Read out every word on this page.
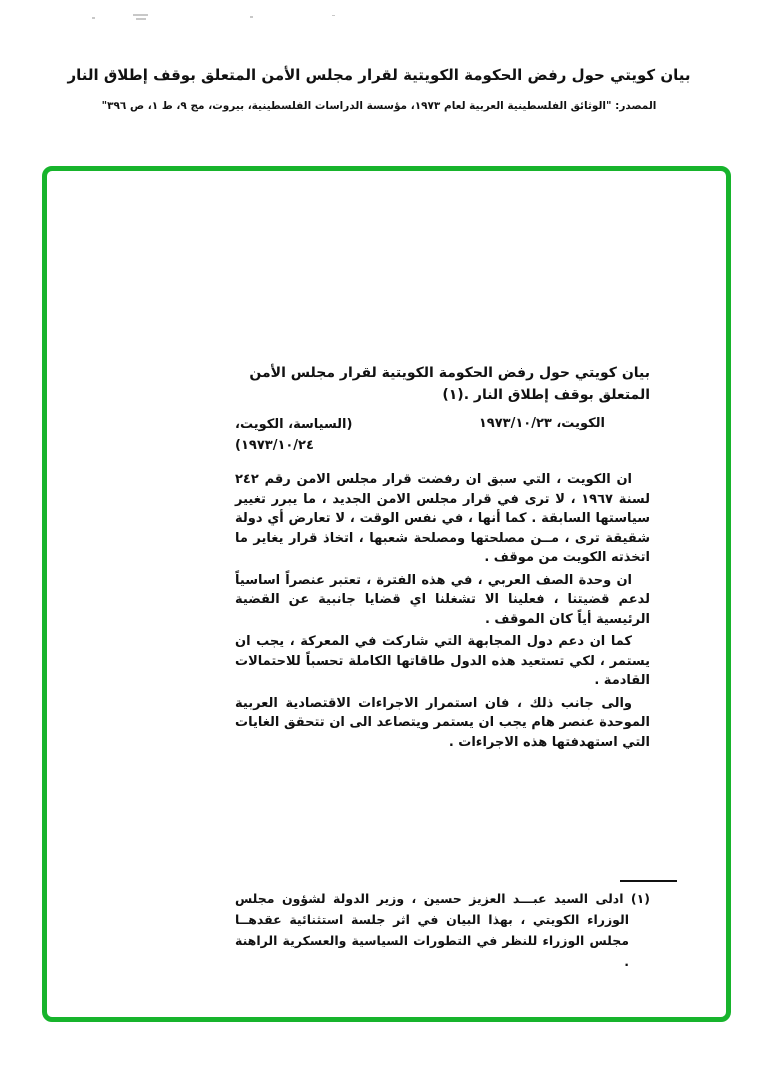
بيان كويتي حول رفض الحكومة الكويتية لقرار مجلس الأمن المتعلق بوقف إطلاق النار
المصدر: "الوثائق الفلسطينية العربية لعام ١٩٧٣، مؤسسة الدراسات الفلسطينية، بيروت، مج ٩، ط ١، ص ٣٩٦"
بيان كويتي حول رفض الحكومة الكويتية لقرار مجلس الأمن
المتعلق بوقف إطلاق النار .(١)
الكويت، ١٩٧٣/١٠/٢٣
(السياسة، الكويت،
١٩٧٣/١٠/٢٤)

ان الكويت ، التي سبق ان رفضت قرار مجلس الامن رقم ٢٤٢ لسنة ١٩٦٧ ، لا ترى في قرار مجلس الامن الجديد ، ما يبرر تغيير سياستها السابقة . كما أنها ، في نفس الوقت ، لا تعارض أي دولة شقيقة ترى ، مــن مصلحتها ومصلحة شعبها ، اتخاذ قرار يغاير ما اتخذته الكويت من موقف .

ان وحدة الصف العربي ، في هذه الفترة ، تعتبر عنصراً اساسياً لدعم قضيتنا ، فعلينا الا تشغلنا اي قضايا جانبية عن القضية الرئيسية أياً كان الموقف .

كما ان دعم دول المجابهة التي شاركت في المعركة ، يجب ان يستمر ، لكي تستعيد هذه الدول طاقاتها الكاملة تحسباً للاحتمالات القادمة .

والى جانب ذلك ، فان استمرار الاجراءات الاقتصادية العربية الموحدة عنصر هام يجب ان يستمر ويتصاعد الى ان تتحقق الغايات التي استهدفتها هذه الاجراءات .

(١) ادلى السيد عبـــد العزيز حسين ، وزير الدولة لشؤون مجلس الوزراء الكويتي ، بهذا البيان في اثر جلسة استثنائية عقدهــا مجلس الوزراء للنظر في التطورات السياسية والعسكرية الراهنة .
